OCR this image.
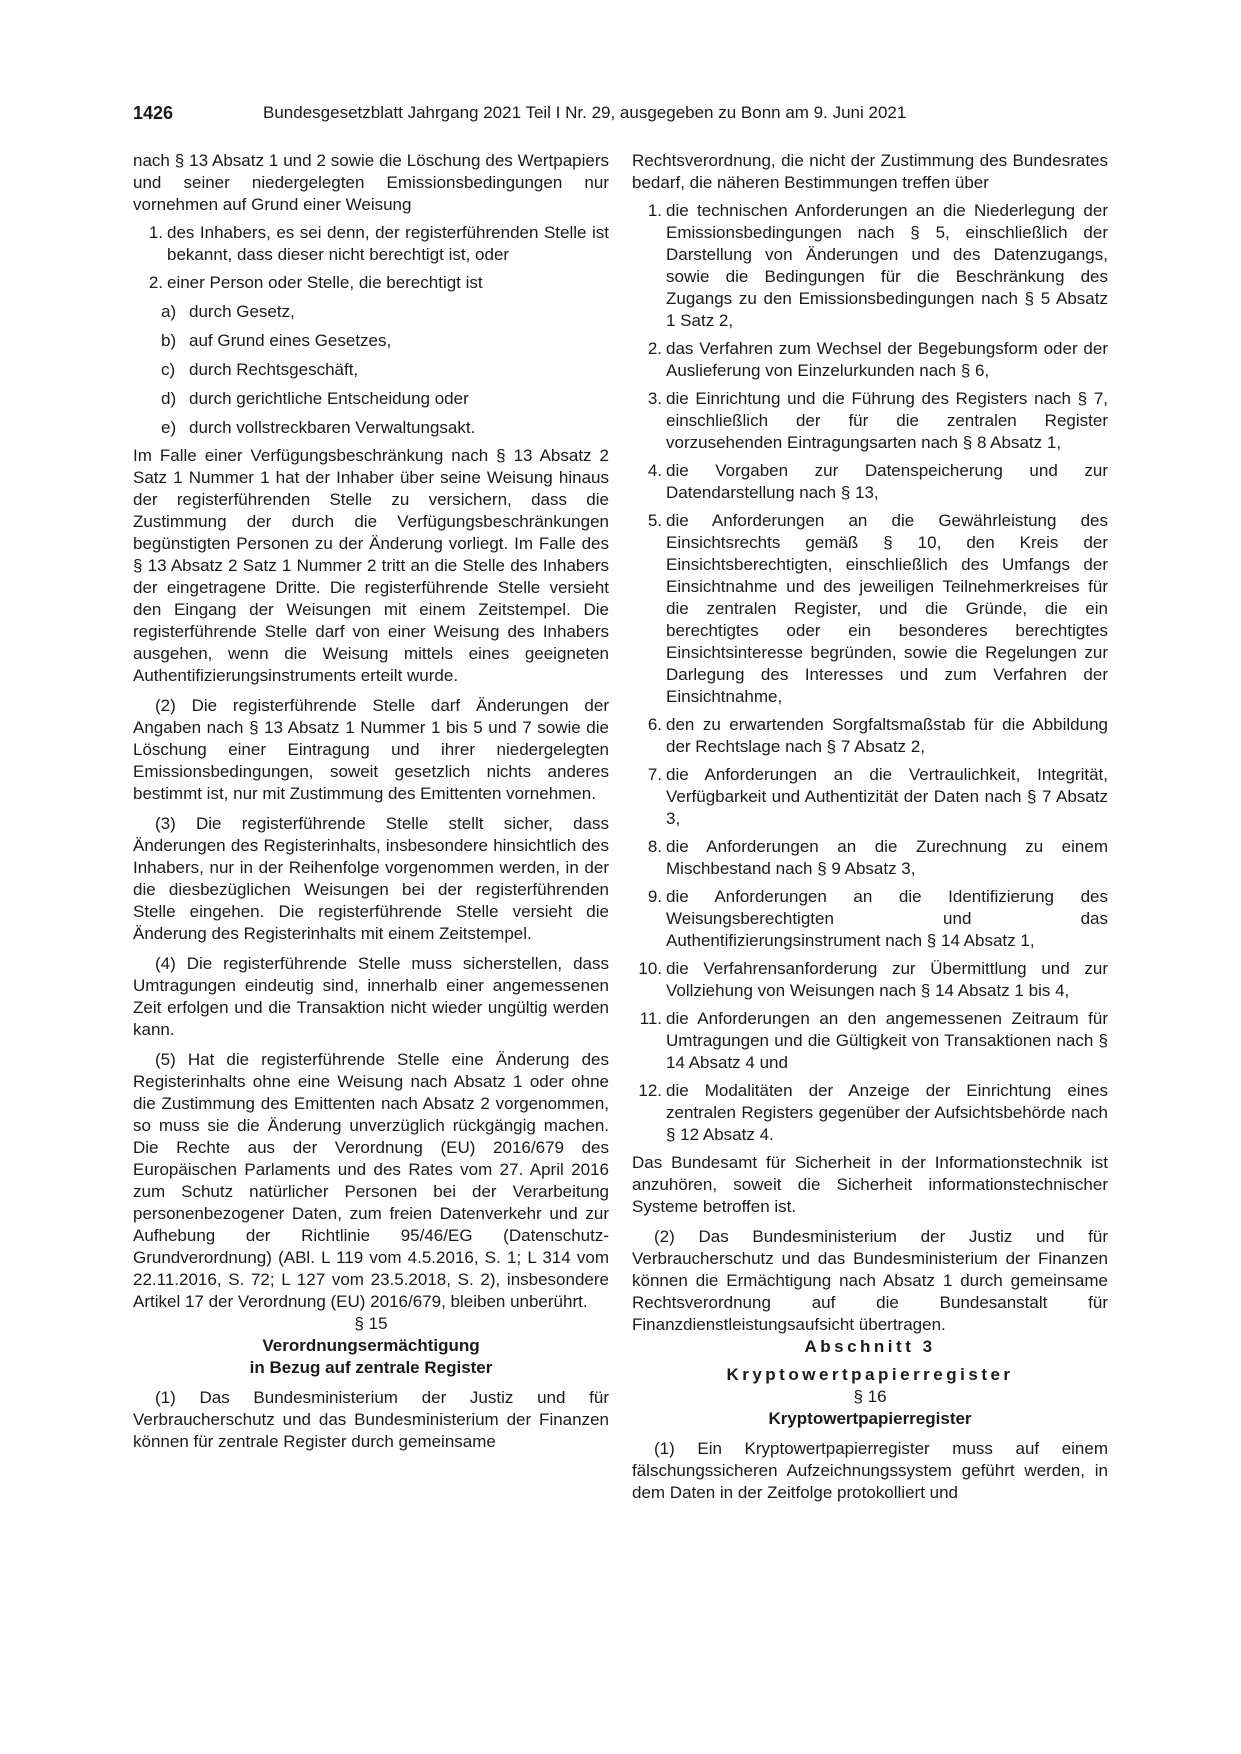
1426	Bundesgesetzblatt Jahrgang 2021 Teil I Nr. 29, ausgegeben zu Bonn am 9. Juni 2021

nach § 13 Absatz 1 und 2 sowie die Löschung des Wertpapiers und seiner niedergelegten Emissionsbedingungen nur vornehmen auf Grund einer Weisung

1. des Inhabers, es sei denn, der registerführenden Stelle ist bekannt, dass dieser nicht berechtigt ist, oder
2. einer Person oder Stelle, die berechtigt ist
a) durch Gesetz,
b) auf Grund eines Gesetzes,
c) durch Rechtsgeschäft,
d) durch gerichtliche Entscheidung oder
e) durch vollstreckbaren Verwaltungsakt.

Im Falle einer Verfügungsbeschränkung nach § 13 Absatz 2 Satz 1 Nummer 1 hat der Inhaber über seine Weisung hinaus der registerführenden Stelle zu versichern, dass die Zustimmung der durch die Verfügungsbeschränkungen begünstigten Personen zu der Änderung vorliegt. Im Falle des § 13 Absatz 2 Satz 1 Nummer 2 tritt an die Stelle des Inhabers der eingetragene Dritte. Die registerführende Stelle versieht den Eingang der Weisungen mit einem Zeitstempel. Die registerführende Stelle darf von einer Weisung des Inhabers ausgehen, wenn die Weisung mittels eines geeigneten Authentifizierungsinstruments erteilt wurde.

(2) Die registerführende Stelle darf Änderungen der Angaben nach § 13 Absatz 1 Nummer 1 bis 5 und 7 sowie die Löschung einer Eintragung und ihrer niedergelegten Emissionsbedingungen, soweit gesetzlich nichts anderes bestimmt ist, nur mit Zustimmung des Emittenten vornehmen.

(3) Die registerführende Stelle stellt sicher, dass Änderungen des Registerinhalts, insbesondere hinsichtlich des Inhabers, nur in der Reihenfolge vorgenommen werden, in der die diesbezüglichen Weisungen bei der registerführenden Stelle eingehen. Die registerführende Stelle versieht die Änderung des Registerinhalts mit einem Zeitstempel.

(4) Die registerführende Stelle muss sicherstellen, dass Umtragungen eindeutig sind, innerhalb einer angemessenen Zeit erfolgen und die Transaktion nicht wieder ungültig werden kann.

(5) Hat die registerführende Stelle eine Änderung des Registerinhalts ohne eine Weisung nach Absatz 1 oder ohne die Zustimmung des Emittenten nach Absatz 2 vorgenommen, so muss sie die Änderung unverzüglich rückgängig machen. Die Rechte aus der Verordnung (EU) 2016/679 des Europäischen Parlaments und des Rates vom 27. April 2016 zum Schutz natürlicher Personen bei der Verarbeitung personenbezogener Daten, zum freien Datenverkehr und zur Aufhebung der Richtlinie 95/46/EG (Datenschutz-Grundverordnung) (ABl. L 119 vom 4.5.2016, S. 1; L 314 vom 22.11.2016, S. 72; L 127 vom 23.5.2018, S. 2), insbesondere Artikel 17 der Verordnung (EU) 2016/679, bleiben unberührt.

§ 15

Verordnungsermächtigung

in Bezug auf zentrale Register

(1) Das Bundesministerium der Justiz und für Verbraucherschutz und das Bundesministerium der Finanzen können für zentrale Register durch gemeinsame

Rechtsverordnung, die nicht der Zustimmung des Bundesrates bedarf, die näheren Bestimmungen treffen über

1. die technischen Anforderungen an die Niederlegung der Emissionsbedingungen nach § 5, einschließlich der Darstellung von Änderungen und des Datenzugangs, sowie die Bedingungen für die Beschränkung des Zugangs zu den Emissionsbedingungen nach § 5 Absatz 1 Satz 2,
2. das Verfahren zum Wechsel der Begebungsform oder der Auslieferung von Einzelurkunden nach § 6,
3. die Einrichtung und die Führung des Registers nach § 7, einschließlich der für die zentralen Register vorzusehenden Eintragungsarten nach § 8 Absatz 1,
4. die Vorgaben zur Datenspeicherung und zur Datendarstellung nach § 13,
5. die Anforderungen an die Gewährleistung des Einsichtsrechts gemäß § 10, den Kreis der Einsichtsberechtigten, einschließlich des Umfangs der Einsichtnahme und des jeweiligen Teilnehmerkreises für die zentralen Register, und die Gründe, die ein berechtigtes oder ein besonderes berechtigtes Einsichtsinteresse begründen, sowie die Regelungen zur Darlegung des Interesses und zum Verfahren der Einsichtnahme,
6. den zu erwartenden Sorgfaltsmaßstab für die Abbildung der Rechtslage nach § 7 Absatz 2,
7. die Anforderungen an die Vertraulichkeit, Integrität, Verfügbarkeit und Authentizität der Daten nach § 7 Absatz 3,
8. die Anforderungen an die Zurechnung zu einem Mischbestand nach § 9 Absatz 3,
9. die Anforderungen an die Identifizierung des Weisungsberechtigten und das Authentifizierungsinstrument nach § 14 Absatz 1,
10. die Verfahrensanforderung zur Übermittlung und zur Vollziehung von Weisungen nach § 14 Absatz 1 bis 4,
11. die Anforderungen an den angemessenen Zeitraum für Umtragungen und die Gültigkeit von Transaktionen nach § 14 Absatz 4 und
12. die Modalitäten der Anzeige der Einrichtung eines zentralen Registers gegenüber der Aufsichtsbehörde nach § 12 Absatz 4.

Das Bundesamt für Sicherheit in der Informationstechnik ist anzuhören, soweit die Sicherheit informationstechnischer Systeme betroffen ist.

(2) Das Bundesministerium der Justiz und für Verbraucherschutz und das Bundesministerium der Finanzen können die Ermächtigung nach Absatz 1 durch gemeinsame Rechtsverordnung auf die Bundesanstalt für Finanzdienstleistungsaufsicht übertragen.

Abschnitt 3

Kryptowertpapierregister

§ 16

Kryptowertpapierregister

(1) Ein Kryptowertpapierregister muss auf einem fälschungssicheren Aufzeichnungssystem geführt werden, in dem Daten in der Zeitfolge protokolliert und
